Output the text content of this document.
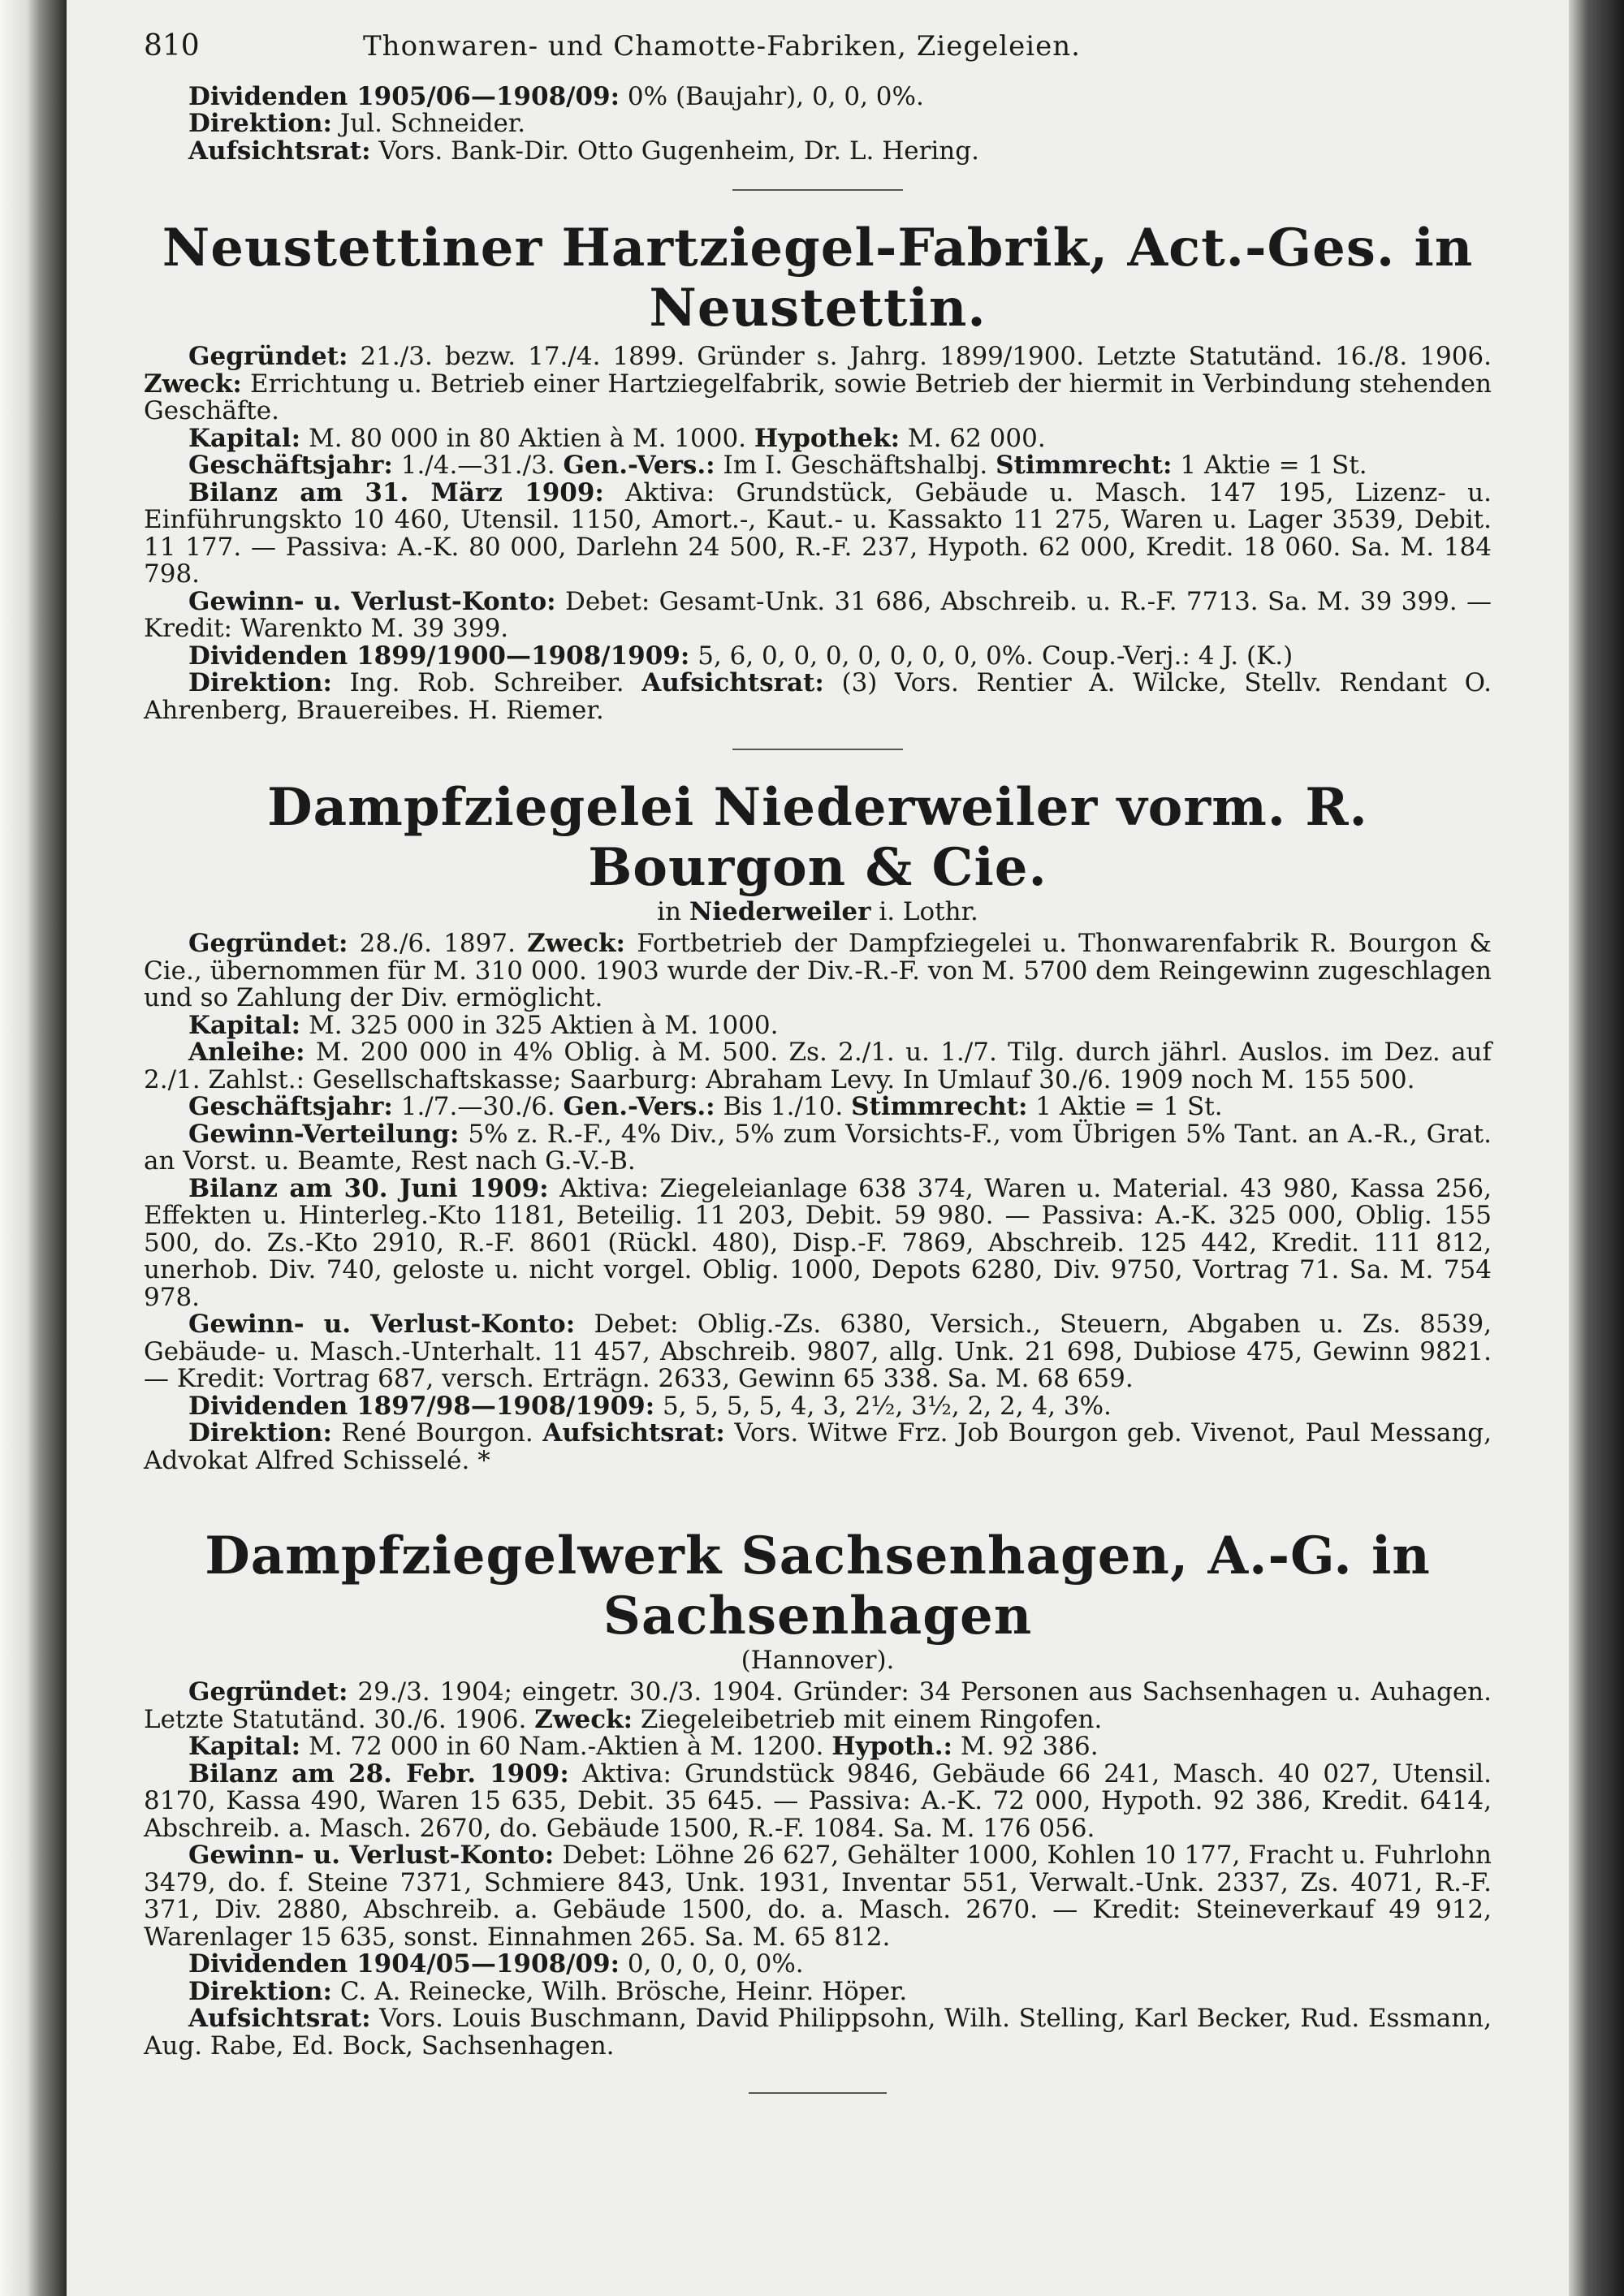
810	Thonwaren- und Chamotte-Fabriken, Ziegeleien.

Dividenden 1905/06—1908/09: 0% (Baujahr), 0, 0, 0%.

Direktion: Jul. Schneider.

Aufsichtsrat: Vors. Bank-Dir. Otto Gugenheim, Dr. L. Hering.

Neustettiner Hartziegel-Fabrik, Act.-Ges. in Neustettin.

Gegründet: 21./3. bezw. 17./4. 1899. Gründer s. Jahrg. 1899/1900. Letzte Statutänd. 16./8. 1906. Zweck: Errichtung u. Betrieb einer Hartziegelfabrik, sowie Betrieb der hiermit in Verbindung stehenden Geschäfte.

Kapital: M. 80 000 in 80 Aktien à M. 1000. Hypothek: M. 62 000.

Geschäftsjahr: 1./4.—31./3. Gen.-Vers.: Im I. Geschäftshalbj. Stimmrecht: 1 Aktie = 1 St.

Bilanz am 31. März 1909: Aktiva: Grundstück, Gebäude u. Masch. 147 195, Lizenz- u. Einführungskto 10 460, Utensil. 1150, Amort.-, Kaut.- u. Kassakto 11 275, Waren u. Lager 3539, Debit. 11 177. — Passiva: A.-K. 80 000, Darlehn 24 500, R.-F. 237, Hypoth. 62 000, Kredit. 18 060. Sa. M. 184 798.

Gewinn- u. Verlust-Konto: Debet: Gesamt-Unk. 31 686, Abschreib. u. R.-F. 7713. Sa. M. 39 399. — Kredit: Warenkto M. 39 399.

Dividenden 1899/1900—1908/1909: 5, 6, 0, 0, 0, 0, 0, 0, 0, 0%. Coup.-Verj.: 4 J. (K.)

Direktion: Ing. Rob. Schreiber. Aufsichtsrat: (3) Vors. Rentier A. Wilcke, Stellv. Rendant O. Ahrenberg, Brauereibes. H. Riemer.

Dampfziegelei Niederweiler vorm. R. Bourgon & Cie.
in Niederweiler i. Lothr.

Gegründet: 28./6. 1897. Zweck: Fortbetrieb der Dampfziegelei u. Thonwarenfabrik R. Bourgon & Cie., übernommen für M. 310 000. 1903 wurde der Div.-R.-F. von M. 5700 dem Reingewinn zugeschlagen und so Zahlung der Div. ermöglicht.

Kapital: M. 325 000 in 325 Aktien à M. 1000.

Anleihe: M. 200 000 in 4% Oblig. à M. 500. Zs. 2./1. u. 1./7. Tilg. durch jährl. Auslos. im Dez. auf 2./1. Zahlst.: Gesellschaftskasse; Saarburg: Abraham Levy. In Umlauf 30./6. 1909 noch M. 155 500.

Geschäftsjahr: 1./7.—30./6. Gen.-Vers.: Bis 1./10. Stimmrecht: 1 Aktie = 1 St.

Gewinn-Verteilung: 5% z. R.-F., 4% Div., 5% zum Vorsichts-F., vom Übrigen 5% Tant. an A.-R., Grat. an Vorst. u. Beamte, Rest nach G.-V.-B.

Bilanz am 30. Juni 1909: Aktiva: Ziegeleianlage 638 374, Waren u. Material. 43 980, Kassa 256, Effekten u. Hinterleg.-Kto 1181, Beteilig. 11 203, Debit. 59 980. — Passiva: A.-K. 325 000, Oblig. 155 500, do. Zs.-Kto 2910, R.-F. 8601 (Rückl. 480), Disp.-F. 7869, Abschreib. 125 442, Kredit. 111 812, unerhob. Div. 740, geloste u. nicht vorgel. Oblig. 1000, Depots 6280, Div. 9750, Vortrag 71. Sa. M. 754 978.

Gewinn- u. Verlust-Konto: Debet: Oblig.-Zs. 6380, Versich., Steuern, Abgaben u. Zs. 8539, Gebäude- u. Masch.-Unterhalt. 11 457, Abschreib. 9807, allg. Unk. 21 698, Dubiose 475, Gewinn 9821. — Kredit: Vortrag 687, versch. Erträgn. 2633, Gewinn 65 338. Sa. M. 68 659.

Dividenden 1897/98—1908/1909: 5, 5, 5, 5, 4, 3, 2½, 3½, 2, 2, 4, 3%.

Direktion: René Bourgon. Aufsichtsrat: Vors. Witwe Frz. Job Bourgon geb. Vivenot, Paul Messang, Advokat Alfred Schisselé. *

Dampfziegelwerk Sachsenhagen, A.-G. in Sachsenhagen
(Hannover).

Gegründet: 29./3. 1904; eingetr. 30./3. 1904. Gründer: 34 Personen aus Sachsenhagen u. Auhagen. Letzte Statutänd. 30./6. 1906. Zweck: Ziegeleibetrieb mit einem Ringofen.

Kapital: M. 72 000 in 60 Nam.-Aktien à M. 1200. Hypoth.: M. 92 386.

Bilanz am 28. Febr. 1909: Aktiva: Grundstück 9846, Gebäude 66 241, Masch. 40 027, Utensil. 8170, Kassa 490, Waren 15 635, Debit. 35 645. — Passiva: A.-K. 72 000, Hypoth. 92 386, Kredit. 6414, Abschreib. a. Masch. 2670, do. Gebäude 1500, R.-F. 1084. Sa. M. 176 056.

Gewinn- u. Verlust-Konto: Debet: Löhne 26 627, Gehälter 1000, Kohlen 10 177, Fracht u. Fuhrlohn 3479, do. f. Steine 7371, Schmiere 843, Unk. 1931, Inventar 551, Verwalt.-Unk. 2337, Zs. 4071, R.-F. 371, Div. 2880, Abschreib. a. Gebäude 1500, do. a. Masch. 2670. — Kredit: Steineverkauf 49 912, Warenlager 15 635, sonst. Einnahmen 265. Sa. M. 65 812.

Dividenden 1904/05—1908/09: 0, 0, 0, 0, 0%.

Direktion: C. A. Reinecke, Wilh. Brösche, Heinr. Höper.

Aufsichtsrat: Vors. Louis Buschmann, David Philippsohn, Wilh. Stelling, Karl Becker, Rud. Essmann, Aug. Rabe, Ed. Bock, Sachsenhagen.
